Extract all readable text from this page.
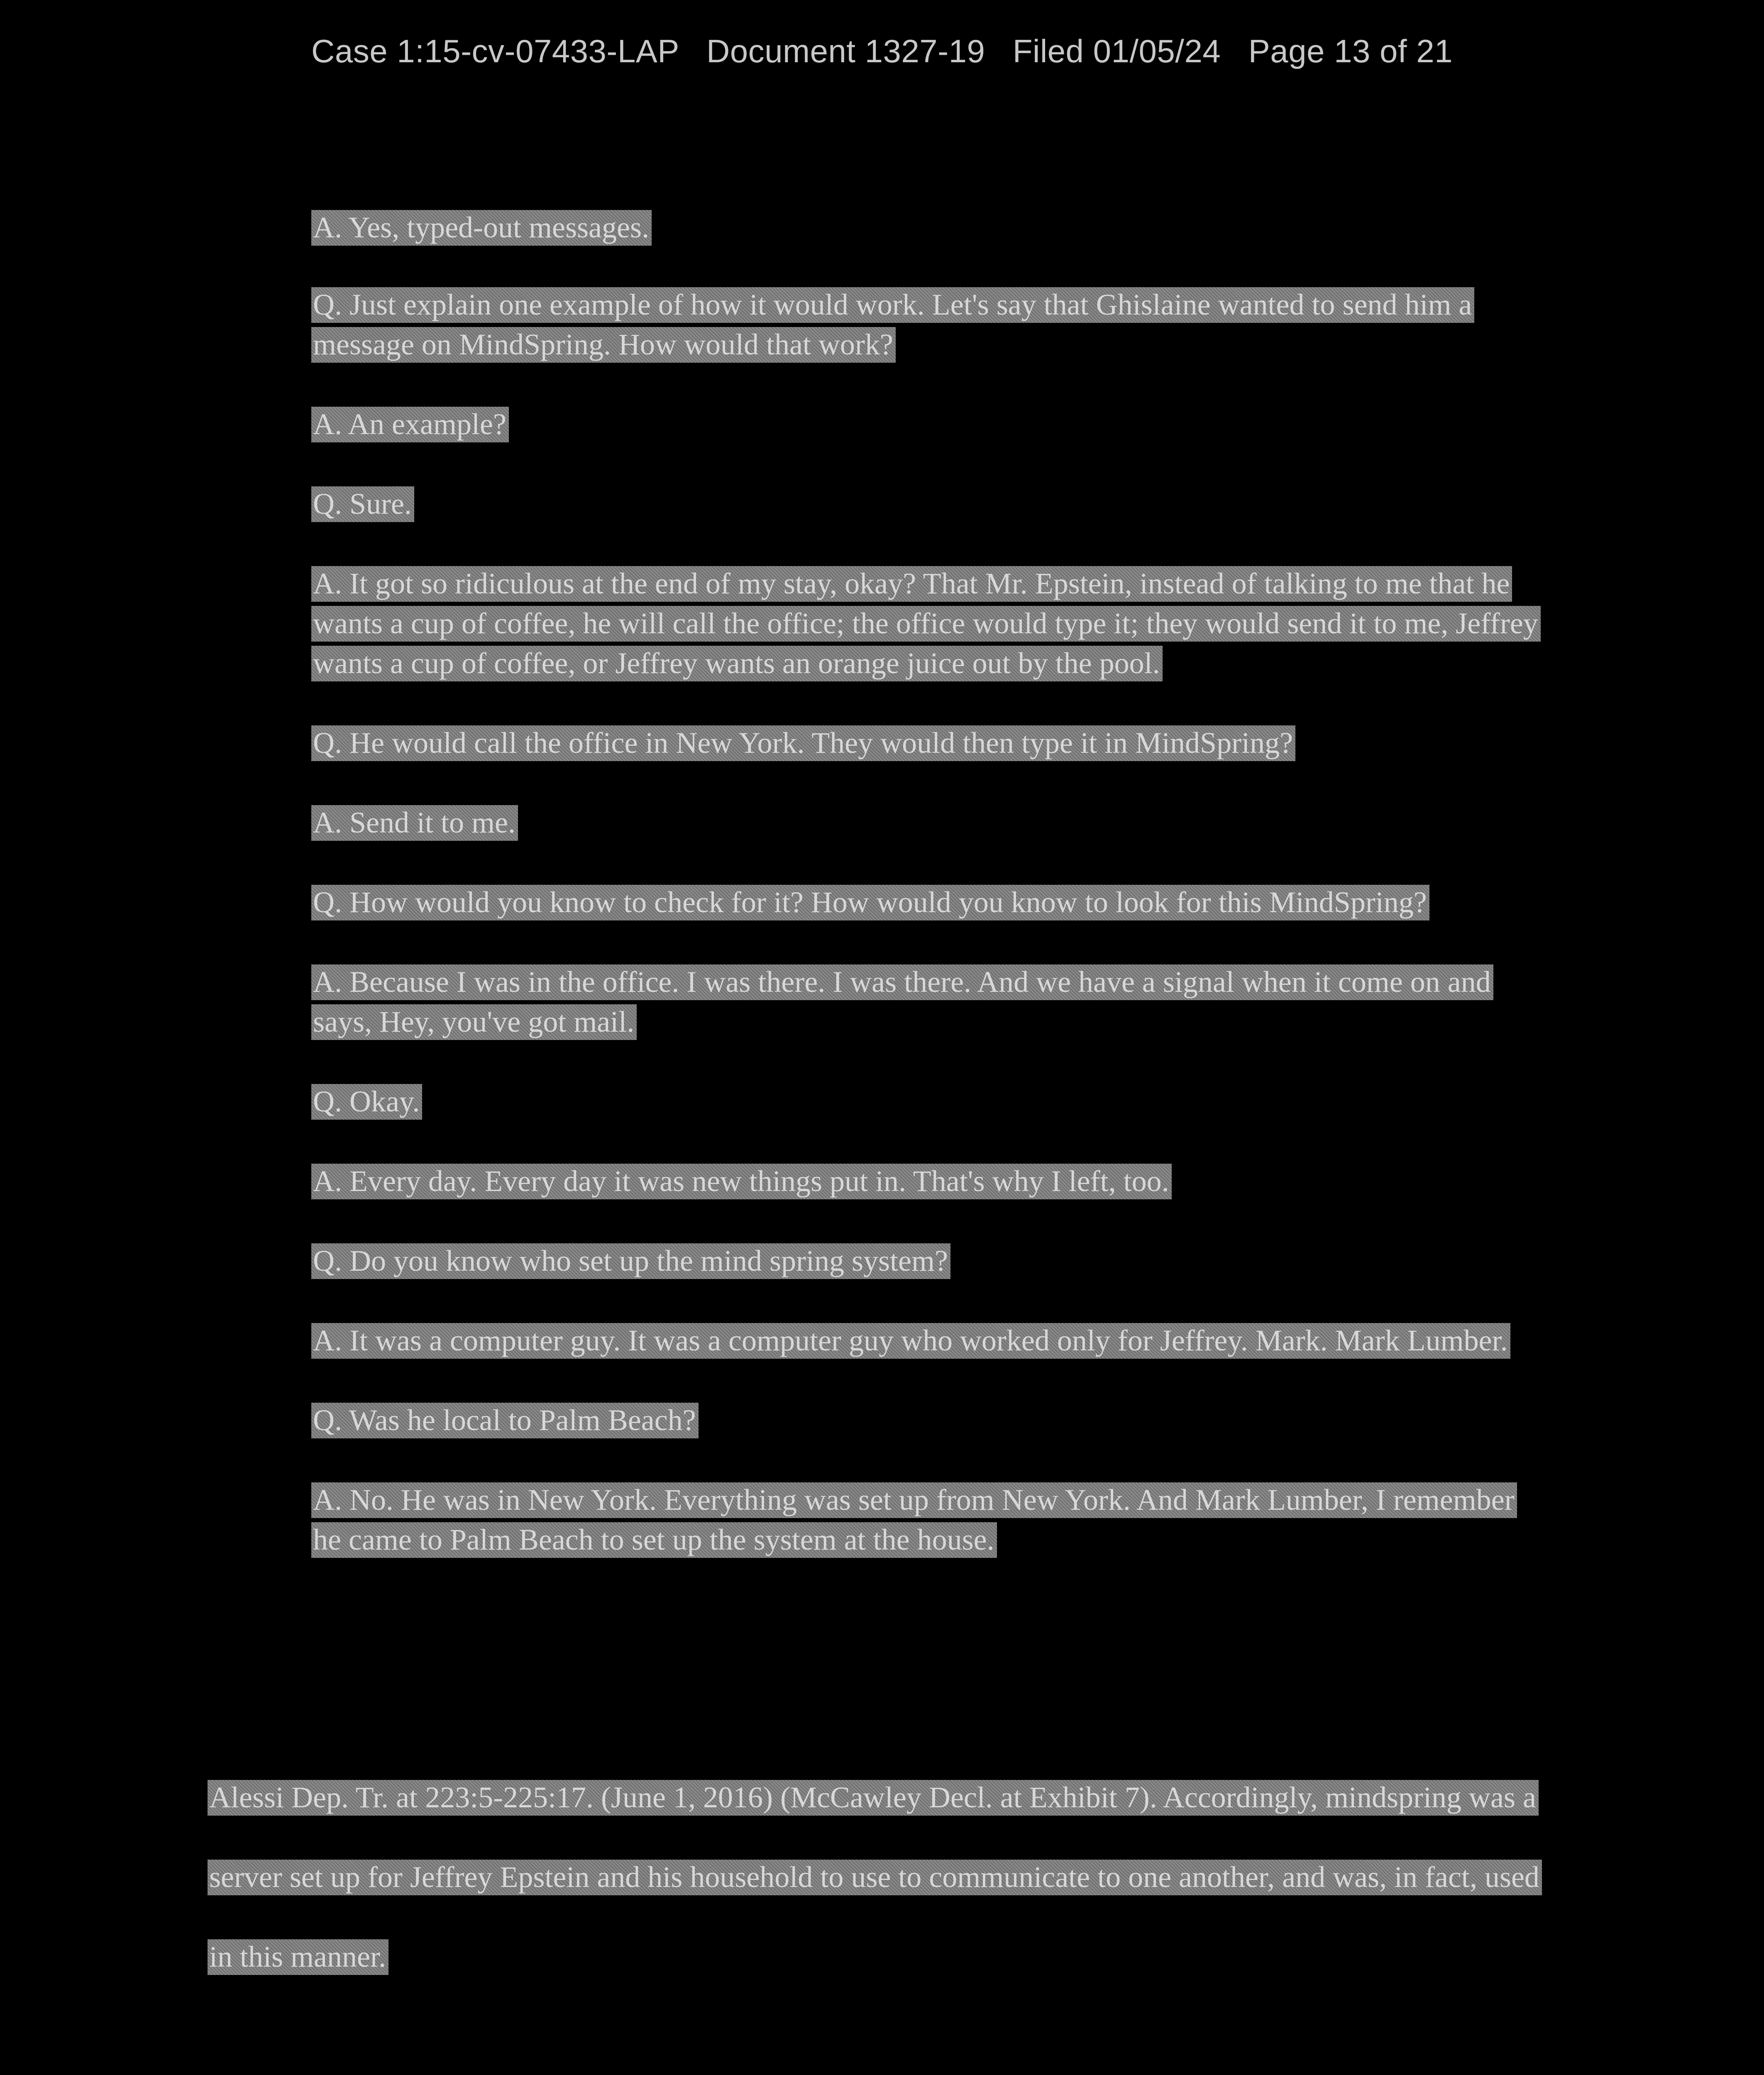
Case 1:15-cv-07433-LAP Document 1327-19 Filed 01/05/24 Page 13 of 21

A. Yes, typed-out messages.

Q. Just explain one example of how it would work. Let's say that Ghislaine wanted to send him a message on MindSpring. How would that work?

A. An example?

Q. Sure.

A. It got so ridiculous at the end of my stay, okay? That Mr. Epstein, instead of talking to me that he wants a cup of coffee, he will call the office; the office would type it; they would send it to me, Jeffrey wants a cup of coffee, or Jeffrey wants an orange juice out by the pool.

Q. He would call the office in New York. They would then type it in MindSpring?

A. Send it to me.

Q. How would you know to check for it? How would you know to look for this MindSpring?

A. Because I was in the office. I was there. I was there. And we have a signal when it come on and says, Hey, you've got mail.

Q. Okay.

A. Every day. Every day it was new things put in. That's why I left, too.

Q. Do you know who set up the mind spring system?

A. It was a computer guy. It was a computer guy who worked only for Jeffrey. Mark. Mark Lumber.

Q. Was he local to Palm Beach?

A. No. He was in New York. Everything was set up from New York. And Mark Lumber, I remember he came to Palm Beach to set up the system at the house.

Alessi Dep. Tr. at 223:5-225:17. (June 1, 2016) (McCawley Decl. at Exhibit 7). Accordingly, mindspring was a server set up for Jeffrey Epstein and his household to use to communicate to one another, and was, in fact, used in this manner.
